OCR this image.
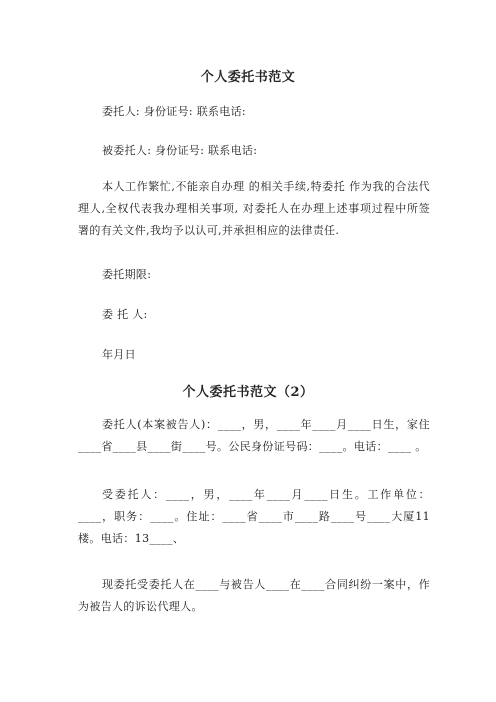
个人委托书范文
委托人: 身份证号: 联系电话:
被委托人: 身份证号: 联系电话:
本人工作繁忙,不能亲自办理 的相关手续,特委托 作为我的合法代理人,全权代表我办理相关事项, 对委托人在办理上述事项过程中所签署的有关文件,我均予以认可,并承担相应的法律责任.
委托期限:
委 托 人:
年月日
个人委托书范文（2）
委托人(本案被告人)：____，男，____年____月____日生，家住____省____县____街____号。公民身份证号码：____。电话：____ 。
受委托人：____，男，____年____月____日生。工作单位：____，职务：____。住址：____省____市____路____号____大厦11楼。电话：13____、
现委托受委托人在____与被告人____在____合同纠纷一案中，作为被告人的诉讼代理人。
